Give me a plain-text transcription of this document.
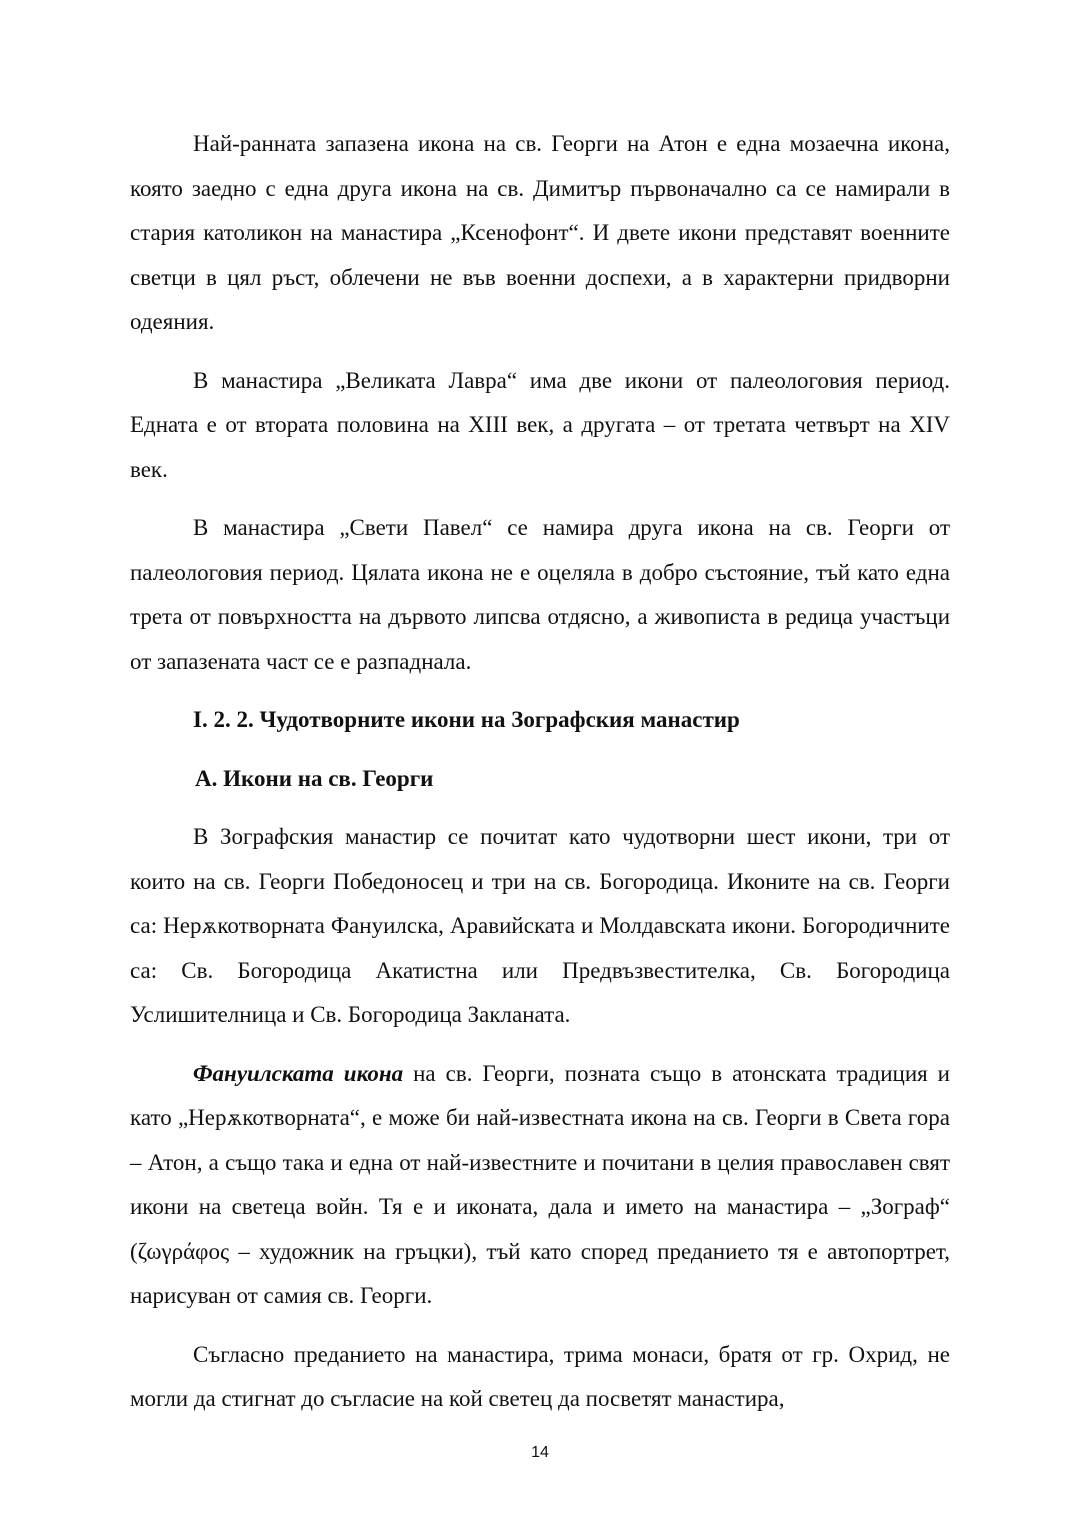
Най-ранната запазена икона на св. Георги на Атон е една мозаечна икона, която заедно с една друга икона на св. Димитър първоначално са се намирали в стария католикон на манастира „Ксенофонт“. И двете икони представят военните светци в цял ръст, облечени не във военни доспехи, а в характерни придворни одеяния.

В манастира „Великата Лавра“ има две икони от палеологовия период. Едната е от втората половина на XIII век, а другата – от третата четвърт на XIV век.

В манастира „Свети Павел“ се намира друга икона на св. Георги от палеологовия период. Цялата икона не е оцеляла в добро състояние, тъй като една трета от повърхността на дървото липсва отдясно, а живописта в редица участъци от запазената част се е разпаднала.

I. 2. 2. Чудотворните икони на Зографския манастир
А. Икони на св. Георги

В Зографския манастир се почитат като чудотворни шест икони, три от които на св. Георги Победоносец и три на св. Богородица. Иконите на св. Георги са: Нерѫкотворната Фануилска, Аравийската и Молдавската икони. Богородичните са: Св. Богородица Акатистна или Предвъзвестителка, Св. Богородица Услишителница и Св. Богородица Закланата.

Фануилската икона на св. Георги, позната също в атонската традиция и като „Нерѫкотворната“, е може би най-известната икона на св. Георги в Света гора – Атон, а също така и една от най-известните и почитани в целия православен свят икони на светеца войн. Тя е и иконата, дала и името на манастира – „Зограф“ (ζωγράφος – художник на гръцки), тъй като според преданието тя е автопортрет, нарисуван от самия св. Георги.

Съгласно преданието на манастира, трима монаси, братя от гр. Охрид, не могли да стигнат до съгласие на кой светец да посветят манастира,

14
